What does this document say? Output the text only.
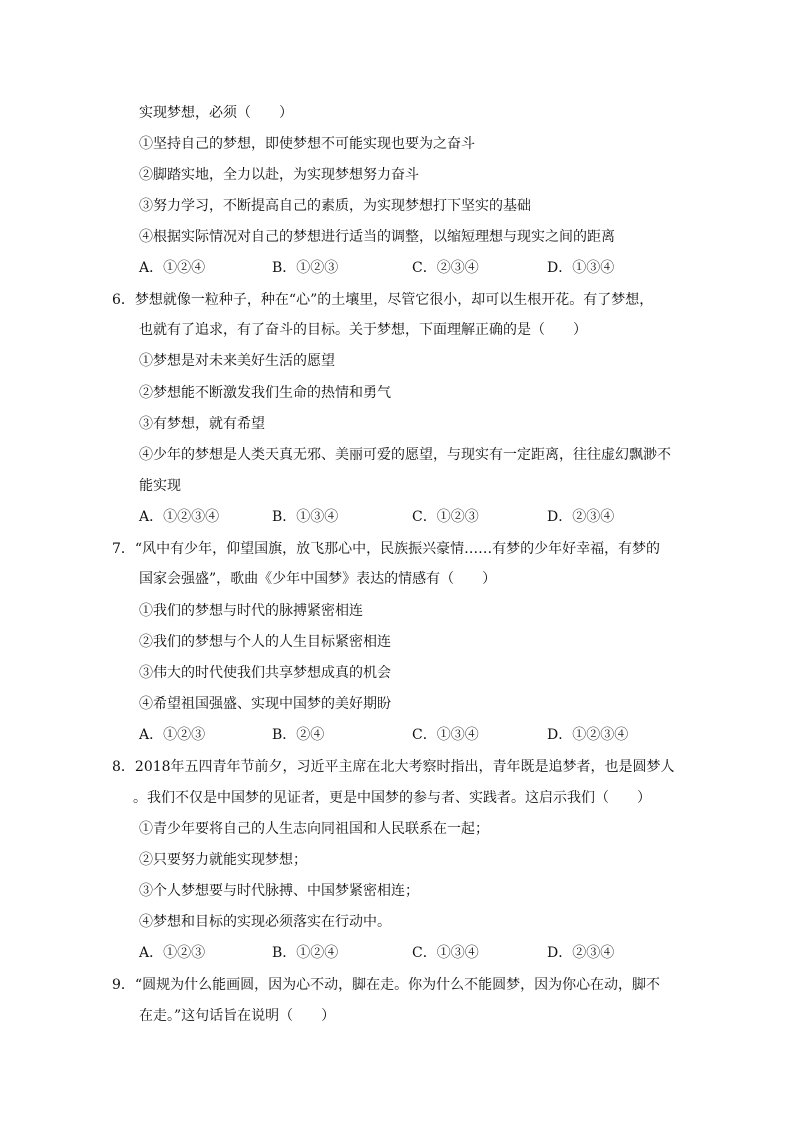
实现梦想，必须（　　）
①坚持自己的梦想，即使梦想不可能实现也要为之奋斗
②脚踏实地，全力以赴，为实现梦想努力奋斗
③努力学习，不断提高自己的素质，为实现梦想打下坚实的基础
④根据实际情况对自己的梦想进行适当的调整，以缩短理想与现实之间的距离
A．①②④	B．①②③	C．②③④	D．①③④
6．梦想就像一粒种子，种在“心”的土壤里，尽管它很小，却可以生根开花。有了梦想，
也就有了追求，有了奋斗的目标。关于梦想，下面理解正确的是（　　）
①梦想是对未来美好生活的愿望
②梦想能不断激发我们生命的热情和勇气
③有梦想，就有希望
④少年的梦想是人类天真无邪、美丽可爱的愿望，与现实有一定距离，往往虚幻飘渺不
能实现
A．①②③④	B．①③④	C．①②③	D．②③④
7．“风中有少年，仰望国旗，放飞那心中，民族振兴豪情……有梦的少年好幸福，有梦的
国家会强盛”，歌曲《少年中国梦》表达的情感有（　　）
①我们的梦想与时代的脉搏紧密相连
②我们的梦想与个人的人生目标紧密相连
③伟大的时代使我们共享梦想成真的机会
④希望祖国强盛、实现中国梦的美好期盼
A．①②③	B．②④	C．①③④	D．①②③④
8．2018年五四青年节前夕，习近平主席在北大考察时指出，青年既是追梦者，也是圆梦人
。我们不仅是中国梦的见证者，更是中国梦的参与者、实践者。这启示我们（　　）
①青少年要将自己的人生志向同祖国和人民联系在一起；
②只要努力就能实现梦想；
③个人梦想要与时代脉搏、中国梦紧密相连；
④梦想和目标的实现必须落实在行动中。
A．①②③	B．①②④	C．①③④	D．②③④
9．“圆规为什么能画圆，因为心不动，脚在走。你为什么不能圆梦，因为你心在动，脚不
在走。”这句话旨在说明（　　）
